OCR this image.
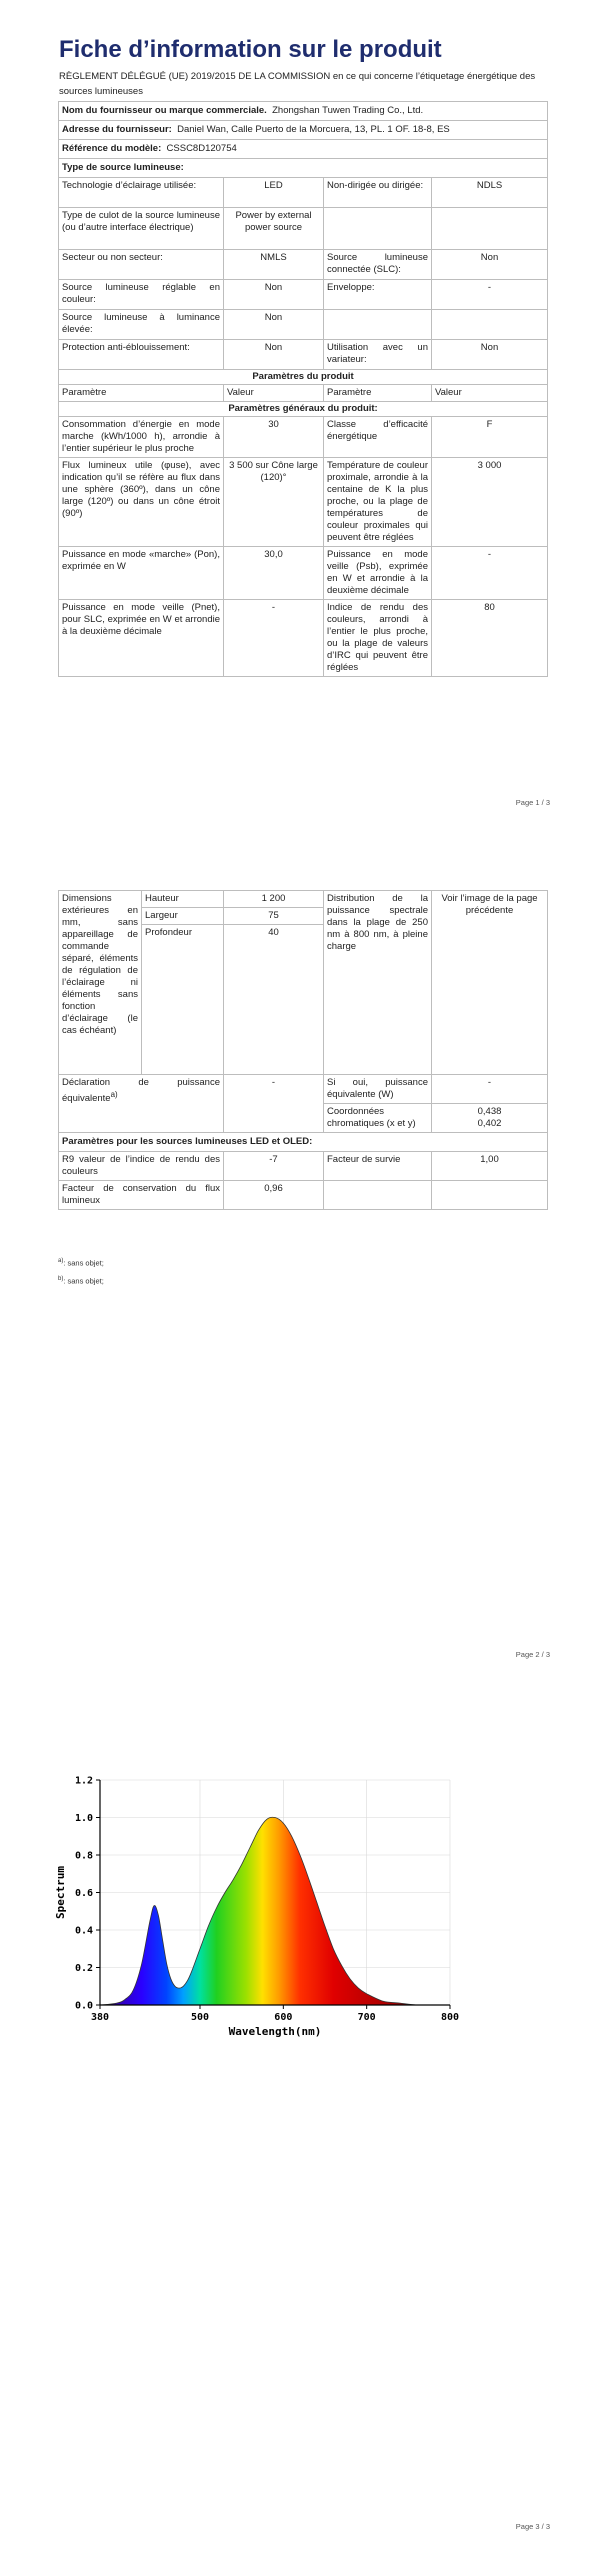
Fiche d’information sur le produit

RÈGLEMENT DÉLÉGUÉ (UE) 2019/2015 DE LA COMMISSION en ce qui concerne l’étiquetage énergétique des sources lumineuses

Nom du fournisseur ou marque commerciale. Zhongshan Tuwen Trading Co., Ltd.			
Adresse du fournisseur: Daniel Wan, Calle Puerto de la Morcuera, 13, PL. 1 OF. 18-8, ES			
Référence du modèle: CSSC8D120754			
Type de source lumineuse:			
Technologie d’éclairage utilisée:	LED	Non-dirigée ou dirigée:	NDLS
Type de culot de la source lumineuse (ou d’autre interface électrique)	Power by external power source		
Secteur ou non secteur:	NMLS	Source lumineuse connectée (SLC):	Non
Source lumineuse réglable en couleur:	Non	Enveloppe:	-
Source lumineuse à luminance élevée:	Non		
Protection anti-éblouissement:	Non	Utilisation avec un variateur:	Non
Paramètres du produit			
Paramètre	Valeur	Paramètre	Valeur
Paramètres généraux du produit:			
Consommation d’énergie en mode marche (kWh/1000 h), arrondie à l’entier supérieur le plus proche	30	Classe d’efficacité énergétique	F
Flux lumineux utile (φuse), avec indication qu’il se réfère au flux dans une sphère (360º), dans un cône large (120º) ou dans un cône étroit (90º)	3 500 sur Cône large (120)°	Température de couleur proximale, arrondie à la centaine de K la plus proche, ou la plage de températures de couleur proximales qui peuvent être réglées	3 000
Puissance en mode «marche» (Pon), exprimée en W	30,0	Puissance en mode veille (Psb), exprimée en W et arrondie à la deuxième décimale	-
Puissance en mode veille (Pnet), pour SLC, exprimée en W et arrondie à la deuxième décimale	-	Indice de rendu des couleurs, arrondi à l’entier le plus proche, ou la plage de valeurs d’IRC qui peuvent être réglées	80
Page 1 / 3
Dimensions extérieures en mm, sans appareillage de commande séparé, éléments de régulation de l’éclairage ni éléments sans fonction d’éclairage (le cas échéant)	Hauteur	1 200	Distribution de la puissance spectrale dans la plage de 250 nm à 800 nm, à pleine charge	Voir l’image de la page précédente
	Largeur	75		
	Profondeur	40		
Déclaration de puissance équivalente$^{a)}$		-	Si oui, puissance équivalente (W)	-
			Coordonnées chromatiques (x et y)	0,438
0,402

Paramètres pour les sources lumineuses LED et OLED:				
R9 valeur de l’indice de rendu des couleurs		-7	Facteur de survie	1,00
Facteur de conservation du flux lumineux		0,96		
$^{a)}$: sans objet;
$^{b)}$: sans objet;
Page 2 / 3
380	500	600	700	800
0.0
0.2
0.4
0.6
0.8
1.0
1.2
Spectrum
Wavelength(nm)
Page 3 / 3
